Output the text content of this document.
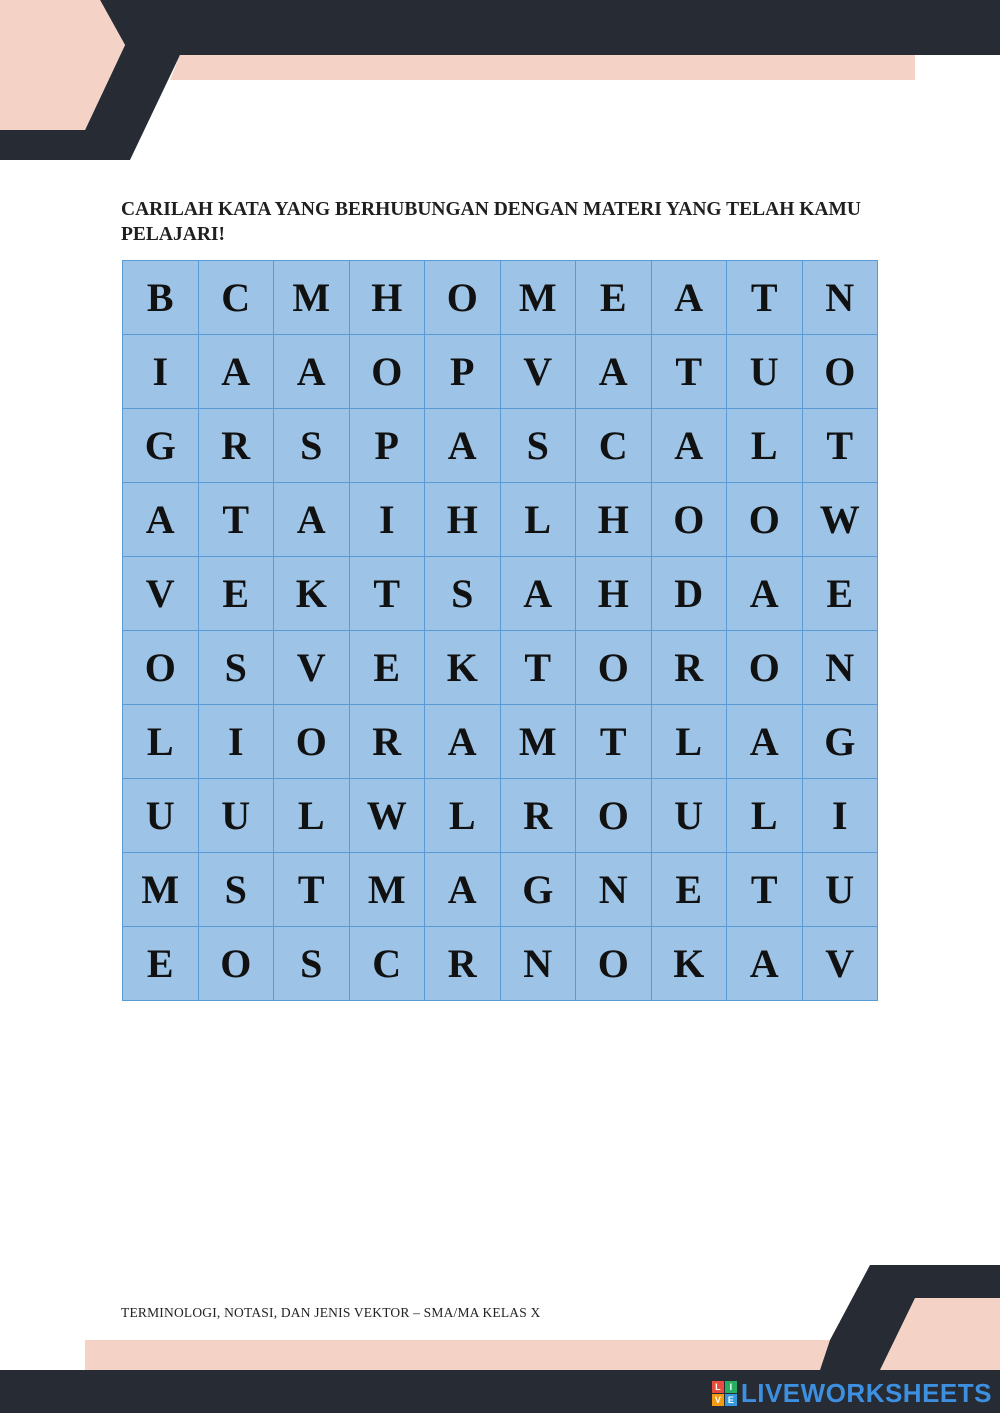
CARILAH KATA YANG BERHUBUNGAN DENGAN MATERI YANG TELAH KAMU PELAJARI!

B	C	M	H	O	M	E	A	T	N
I	A	A	O	P	V	A	T	U	O
G	R	S	P	A	S	C	A	L	T
A	T	A	I	H	L	H	O	O	W
V	E	K	T	S	A	H	D	A	E
O	S	V	E	K	T	O	R	O	N
L	I	O	R	A	M	T	L	A	G
U	U	L	W	L	R	O	U	L	I
M	S	T	M	A	G	N	E	T	U
E	O	S	C	R	N	O	K	A	V
TERMINOLOGI, NOTASI, DAN JENIS VEKTOR – SMA/MA KELAS X
L I
V E LIVEWORKSHEETS
